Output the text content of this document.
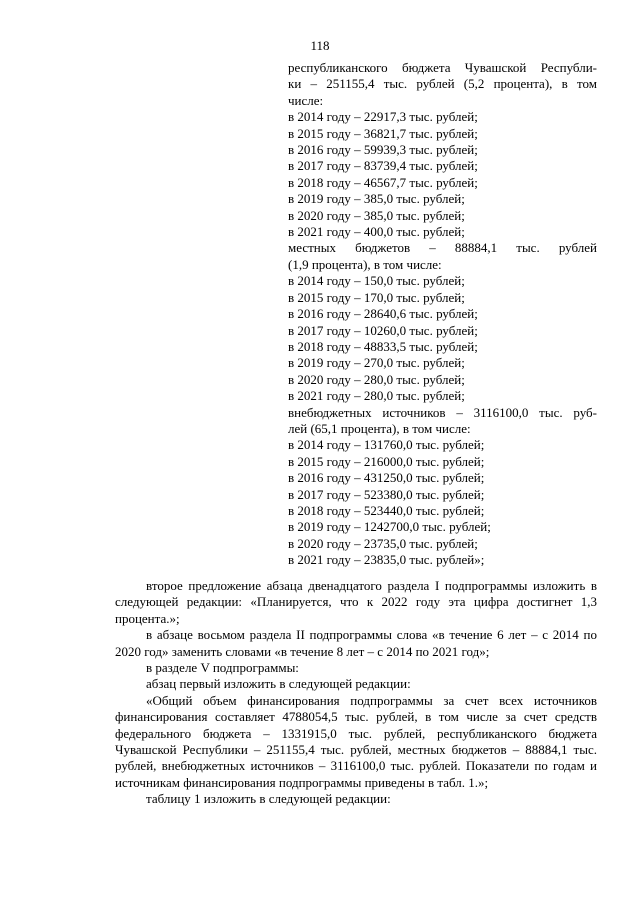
118
республиканского бюджета Чувашской Республи-
ки – 251155,4 тыс. рублей (5,2 процента), в том
числе:
в 2014 году – 22917,3 тыс. рублей;
в 2015 году – 36821,7 тыс. рублей;
в 2016 году – 59939,3 тыс. рублей;
в 2017 году – 83739,4 тыс. рублей;
в 2018 году – 46567,7 тыс. рублей;
в 2019 году – 385,0 тыс. рублей;
в 2020 году – 385,0 тыс. рублей;
в 2021 году – 400,0 тыс. рублей;
местных бюджетов – 88884,1 тыс. рублей
(1,9 процента), в том числе:
в 2014 году – 150,0 тыс. рублей;
в 2015 году – 170,0 тыс. рублей;
в 2016 году – 28640,6 тыс. рублей;
в 2017 году – 10260,0 тыс. рублей;
в 2018 году – 48833,5 тыс. рублей;
в 2019 году – 270,0 тыс. рублей;
в 2020 году – 280,0 тыс. рублей;
в 2021 году – 280,0 тыс. рублей;
внебюджетных источников – 3116100,0 тыс. руб-
лей (65,1 процента), в том числе:
в 2014 году – 131760,0 тыс. рублей;
в 2015 году – 216000,0 тыс. рублей;
в 2016 году – 431250,0 тыс. рублей;
в 2017 году – 523380,0 тыс. рублей;
в 2018 году – 523440,0 тыс. рублей;
в 2019 году – 1242700,0 тыс. рублей;
в 2020 году – 23735,0 тыс. рублей;
в 2021 году – 23835,0 тыс. рублей»;

второе предложение абзаца двенадцатого раздела I подпрограммы изложить в следующей редакции: «Планируется, что к 2022 году эта цифра достигнет 1,3 процента.»;

в абзаце восьмом раздела II подпрограммы слова «в течение 6 лет – с 2014 по 2020 год» заменить словами «в течение 8 лет – с 2014 по 2021 год»;

в разделе V подпрограммы:

абзац первый изложить в следующей редакции:

«Общий объем финансирования подпрограммы за счет всех источников финансирования составляет 4788054,5 тыс. рублей, в том числе за счет средств федерального бюджета – 1331915,0 тыс. рублей, республиканского бюджета Чувашской Республики – 251155,4 тыс. рублей, местных бюджетов – 88884,1 тыс. рублей, внебюджетных источников – 3116100,0 тыс. рублей. Показатели по годам и источникам финансирования подпрограммы приведены в табл. 1.»;

таблицу 1 изложить в следующей редакции:
